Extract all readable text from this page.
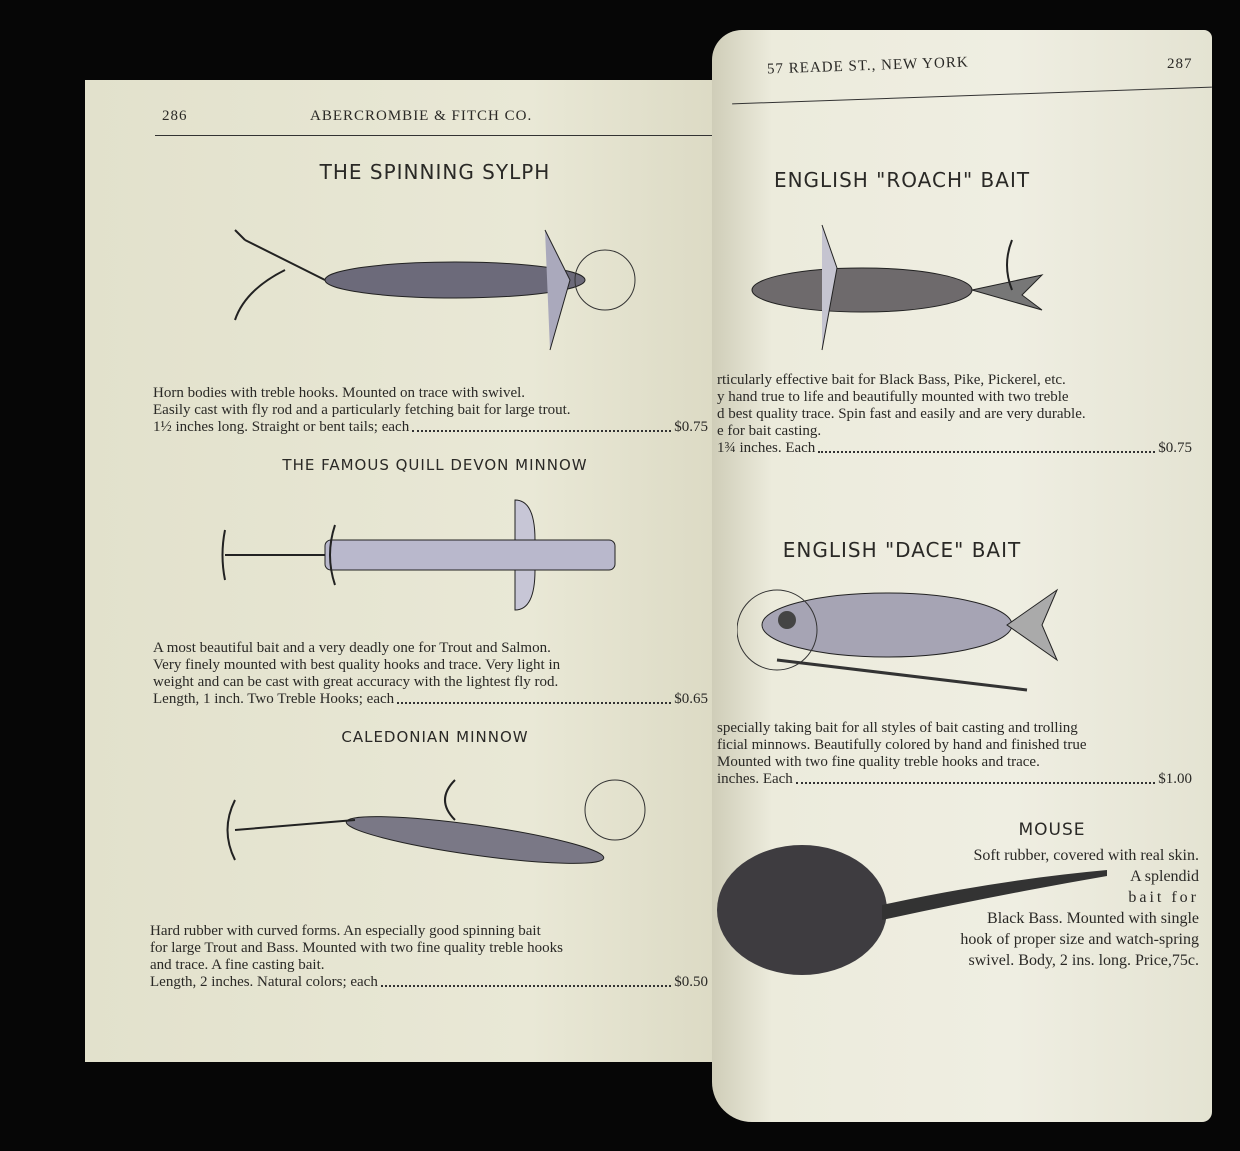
286	ABERCROMBIE & FITCH CO.
THE SPINNING SYLPH
Horn bodies with treble hooks. Mounted on trace with swivel.
Easily cast with fly rod and a particularly fetching bait for large trout.
1½ inches long. Straight or bent tails; each	$0.75
THE FAMOUS QUILL DEVON MINNOW
A most beautiful bait and a very deadly one for Trout and Salmon.
Very finely mounted with best quality hooks and trace. Very light in
weight and can be cast with great accuracy with the lightest fly rod.
Length, 1 inch. Two Treble Hooks; each	$0.65
CALEDONIAN MINNOW
Hard rubber with curved forms. An especially good spinning bait
for large Trout and Bass. Mounted with two fine quality treble hooks
and trace. A fine casting bait.
Length, 2 inches. Natural colors; each	$0.50
57 READE ST., NEW YORK	287
ENGLISH "ROACH" BAIT
rticularly effective bait for Black Bass, Pike, Pickerel, etc.
y hand true to life and beautifully mounted with two treble
d best quality trace. Spin fast and easily and are very durable.
e for bait casting.
1¾ inches. Each	$0.75
ENGLISH "DACE" BAIT
specially taking bait for all styles of bait casting and trolling
ficial minnows. Beautifully colored by hand and finished true
Mounted with two fine quality treble hooks and trace.
inches. Each	$1.00
MOUSE
Soft rubber, covered with real skin.
A splendid
bait for
Black Bass. Mounted with single
hook of proper size and watch-spring
swivel. Body, 2 ins. long. Price,75c.
